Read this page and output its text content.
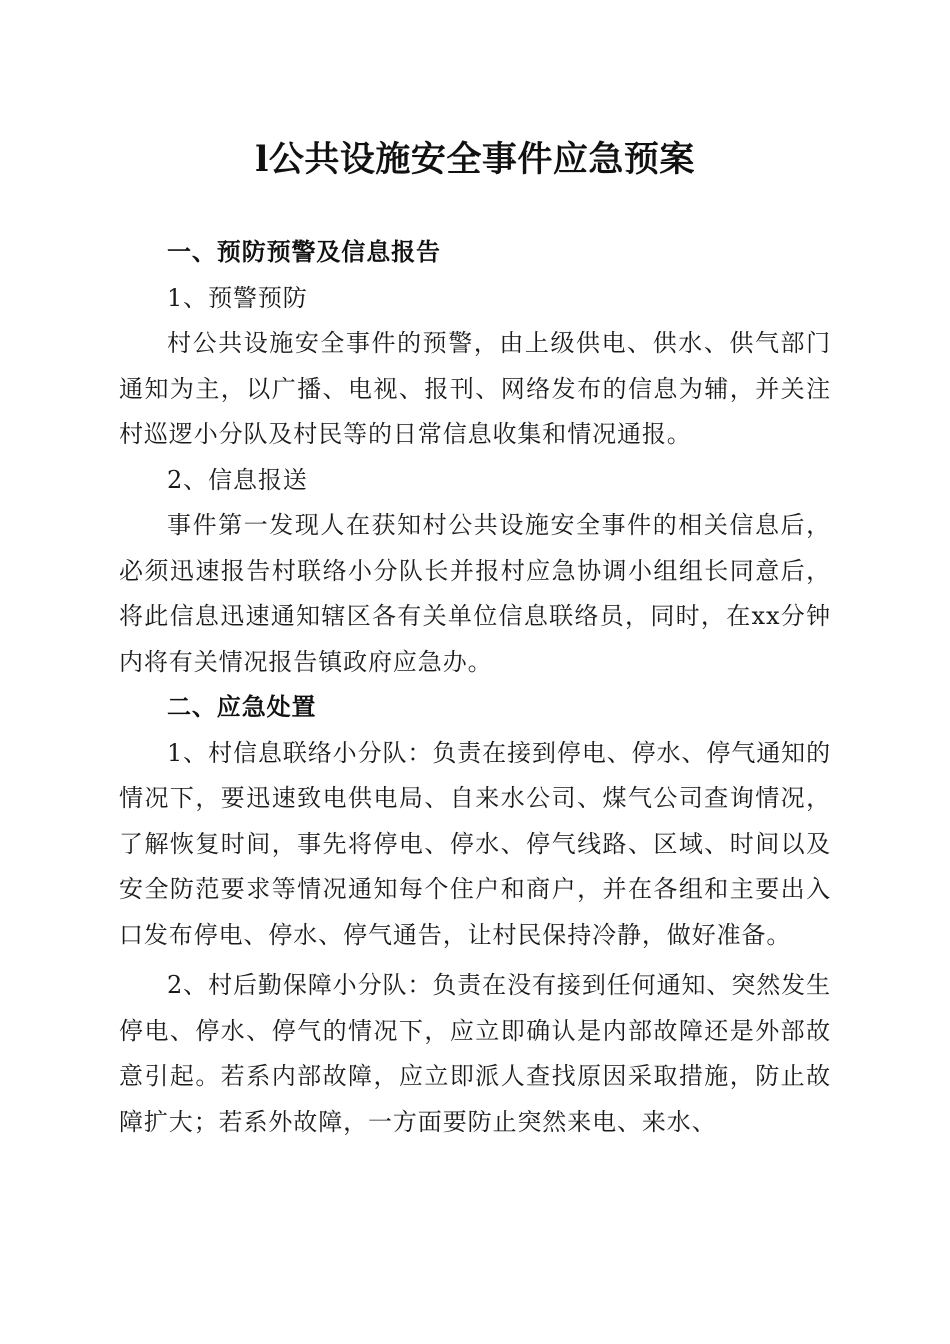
l公共设施安全事件应急预案

一、预防预警及信息报告

1、预警预防

村公共设施安全事件的预警，由上级供电、供水、供气部门通知为主，以广播、电视、报刊、网络发布的信息为辅，并关注村巡逻小分队及村民等的日常信息收集和情况通报。

2、信息报送

事件第一发现人在获知村公共设施安全事件的相关信息后，必须迅速报告村联络小分队长并报村应急协调小组组长同意后，将此信息迅速通知辖区各有关单位信息联络员，同时，在xx分钟内将有关情况报告镇政府应急办。

二、应急处置

1、村信息联络小分队：负责在接到停电、停水、停气通知的情况下，要迅速致电供电局、自来水公司、煤气公司查询情况，了解恢复时间，事先将停电、停水、停气线路、区域、时间以及安全防范要求等情况通知每个住户和商户，并在各组和主要出入口发布停电、停水、停气通告，让村民保持冷静，做好准备。

2、村后勤保障小分队：负责在没有接到任何通知、突然发生停电、停水、停气的情况下，应立即确认是内部故障还是外部故意引起。若系内部故障，应立即派人查找原因采取措施，防止故障扩大；若系外故障，一方面要防止突然来电、来水、
